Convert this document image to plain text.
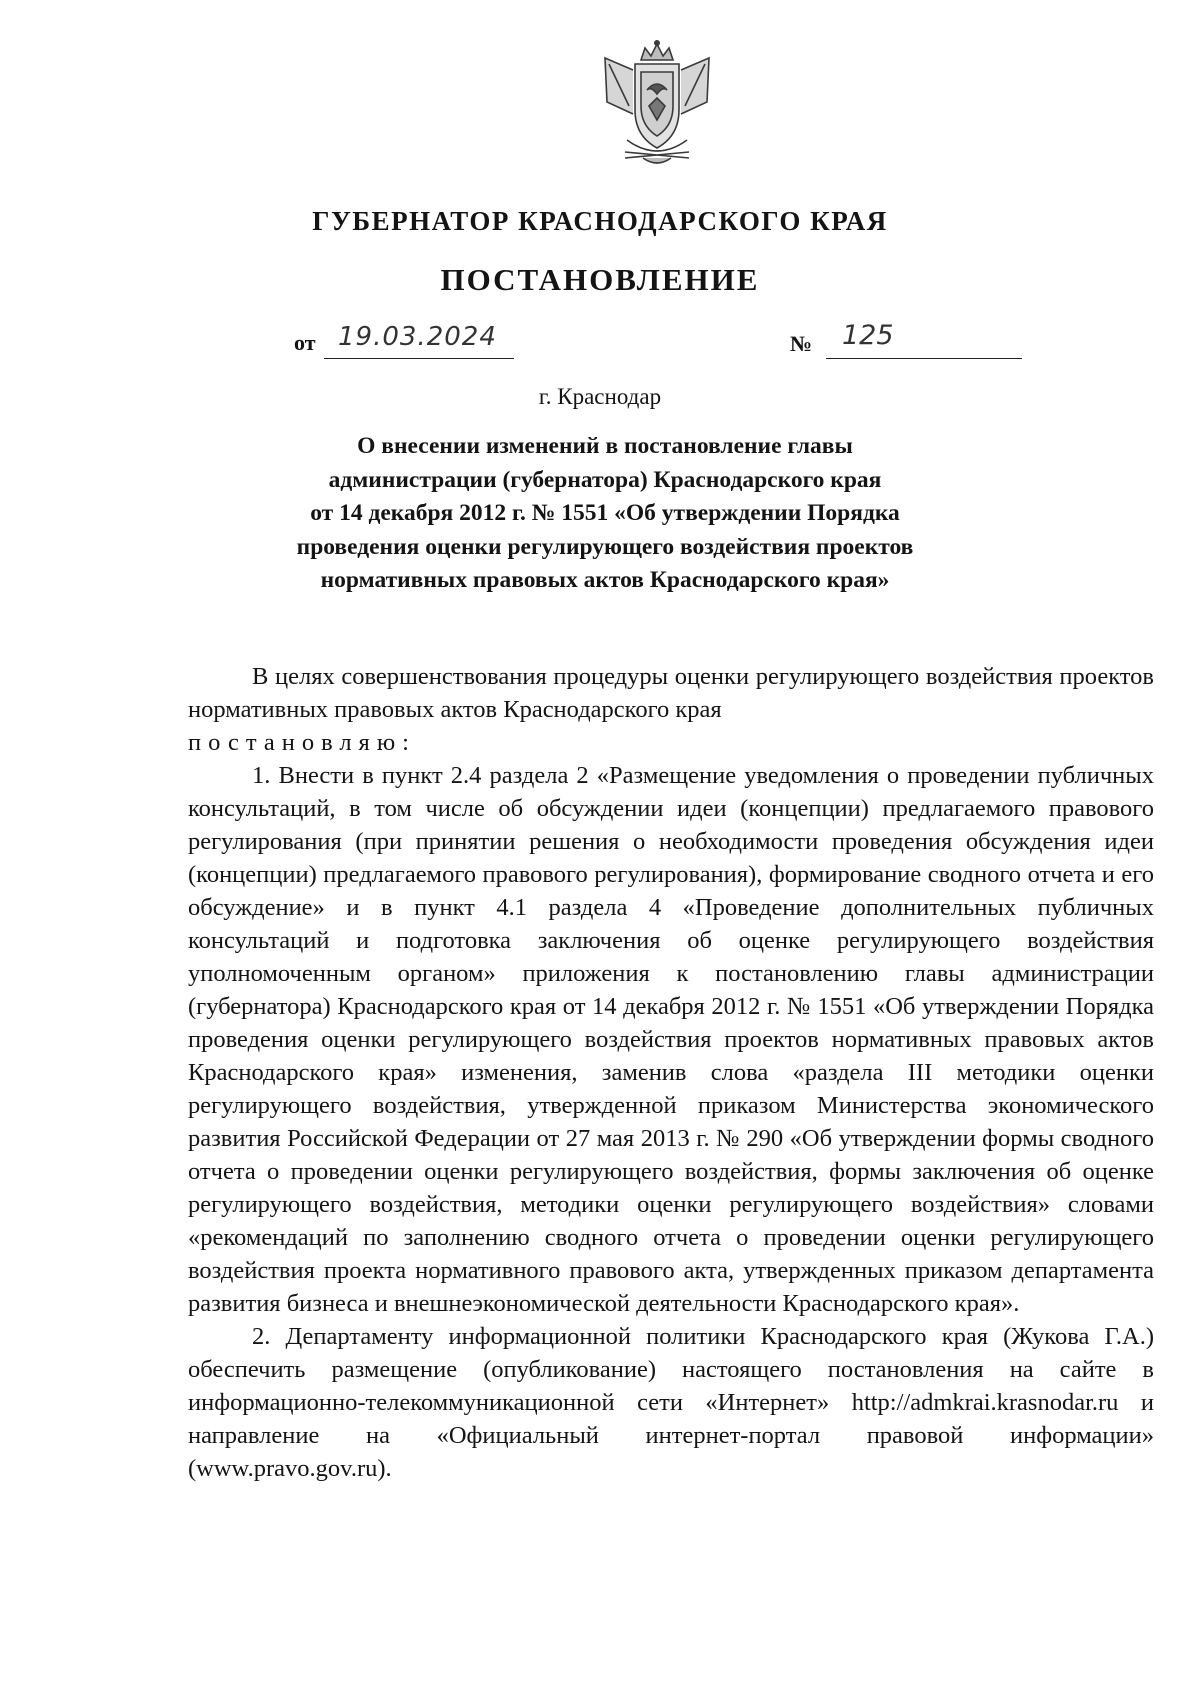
ГУБЕРНАТОР КРАСНОДАРСКОГО КРАЯ
ПОСТАНОВЛЕНИЕ
от 19.03.2024	№ 125
г. Краснодар
О внесении изменений в постановление главы
администрации (губернатора) Краснодарского края
от 14 декабря 2012 г. № 1551 «Об утверждении Порядка
проведения оценки регулирующего воздействия проектов
нормативных правовых актов Краснодарского края»

В целях совершенствования процедуры оценки регулирующего воздействия проектов нормативных правовых актов Краснодарского края

постановляю:

1. Внести в пункт 2.4 раздела 2 «Размещение уведомления о проведении публичных консультаций, в том числе об обсуждении идеи (концепции) предлагаемого правового регулирования (при принятии решения о необходимости проведения обсуждения идеи (концепции) предлагаемого правового регулирования), формирование сводного отчета и его обсуждение» и в пункт 4.1 раздела 4 «Проведение дополнительных публичных консультаций и подготовка заключения об оценке регулирующего воздействия уполномоченным органом» приложения к постановлению главы администрации (губернатора) Краснодарского края от 14 декабря 2012 г. № 1551 «Об утверждении Порядка проведения оценки регулирующего воздействия проектов нормативных правовых актов Краснодарского края» изменения, заменив слова «раздела III методики оценки регулирующего воздействия, утвержденной приказом Министерства экономического развития Российской Федерации от 27 мая 2013 г. № 290 «Об утверждении формы сводного отчета о проведении оценки регулирующего воздействия, формы заключения об оценке регулирующего воздействия, методики оценки регулирующего воздействия» словами «рекомендаций по заполнению сводного отчета о проведении оценки регулирующего воздействия проекта нормативного правового акта, утвержденных приказом департамента развития бизнеса и внешнеэкономической деятельности Краснодарского края».

2. Департаменту информационной политики Краснодарского края (Жукова Г.А.) обеспечить размещение (опубликование) настоящего постановления на сайте в информационно-телекоммуникационной сети «Интернет» http://admkrai.krasnodar.ru и направление на «Официальный интернет-портал правовой информации» (www.pravo.gov.ru).
